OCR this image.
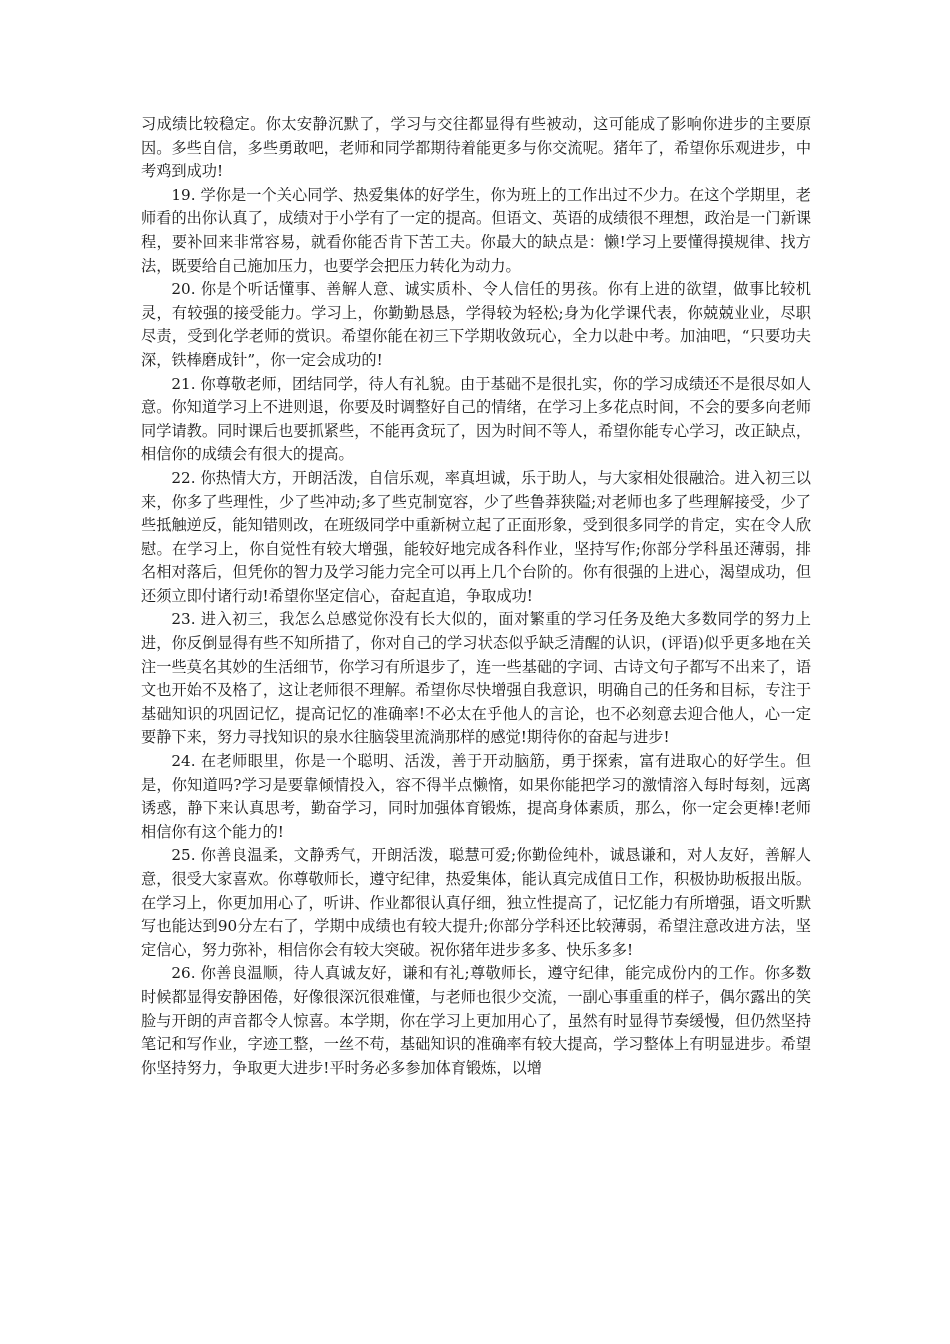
习成绩比较稳定。你太安静沉默了，学习与交往都显得有些被动，这可能成了影响你进步的主要原因。多些自信，多些勇敢吧，老师和同学都期待着能更多与你交流呢。猪年了，希望你乐观进步，中考鸡到成功!

19. 学你是一个关心同学、热爱集体的好学生，你为班上的工作出过不少力。在这个学期里，老师看的出你认真了，成绩对于小学有了一定的提高。但语文、英语的成绩很不理想，政治是一门新课程，要补回来非常容易，就看你能否肯下苦工夫。你最大的缺点是：懒!学习上要懂得摸规律、找方法，既要给自己施加压力，也要学会把压力转化为动力。

20. 你是个听话懂事、善解人意、诚实质朴、令人信任的男孩。你有上进的欲望，做事比较机灵，有较强的接受能力。学习上，你勤勤恳恳，学得较为轻松;身为化学课代表，你兢兢业业，尽职尽责，受到化学老师的赏识。希望你能在初三下学期收敛玩心，全力以赴中考。加油吧，“只要功夫深，铁棒磨成针”，你一定会成功的!

21. 你尊敬老师，团结同学，待人有礼貌。由于基础不是很扎实，你的学习成绩还不是很尽如人意。你知道学习上不进则退，你要及时调整好自己的情绪，在学习上多花点时间，不会的要多向老师同学请教。同时课后也要抓紧些，不能再贪玩了，因为时间不等人，希望你能专心学习，改正缺点，相信你的成绩会有很大的提高。

22. 你热情大方，开朗活泼，自信乐观，率真坦诚，乐于助人，与大家相处很融洽。进入初三以来，你多了些理性，少了些冲动;多了些克制宽容，少了些鲁莽狭隘;对老师也多了些理解接受，少了些抵触逆反，能知错则改，在班级同学中重新树立起了正面形象，受到很多同学的肯定，实在令人欣慰。在学习上，你自觉性有较大增强，能较好地完成各科作业，坚持写作;你部分学科虽还薄弱，排名相对落后，但凭你的智力及学习能力完全可以再上几个台阶的。你有很强的上进心，渴望成功，但还须立即付诸行动!希望你坚定信心，奋起直追，争取成功!

23. 进入初三，我怎么总感觉你没有长大似的，面对繁重的学习任务及绝大多数同学的努力上进，你反倒显得有些不知所措了，你对自己的学习状态似乎缺乏清醒的认识，(评语)似乎更多地在关注一些莫名其妙的生活细节，你学习有所退步了，连一些基础的字词、古诗文句子都写不出来了，语文也开始不及格了，这让老师很不理解。希望你尽快增强自我意识，明确自己的任务和目标，专注于基础知识的巩固记忆，提高记忆的准确率!不必太在乎他人的言论，也不必刻意去迎合他人，心一定要静下来，努力寻找知识的泉水往脑袋里流淌那样的感觉!期待你的奋起与进步!

24. 在老师眼里，你是一个聪明、活泼，善于开动脑筋，勇于探索，富有进取心的好学生。但是，你知道吗?学习是要靠倾情投入，容不得半点懒惰，如果你能把学习的激情溶入每时每刻，远离诱惑，静下来认真思考，勤奋学习，同时加强体育锻炼，提高身体素质，那么，你一定会更棒!老师相信你有这个能力的!

25. 你善良温柔，文静秀气，开朗活泼，聪慧可爱;你勤俭纯朴，诚恳谦和，对人友好，善解人意，很受大家喜欢。你尊敬师长，遵守纪律，热爱集体，能认真完成值日工作，积极协助板报出版。在学习上，你更加用心了，听讲、作业都很认真仔细，独立性提高了，记忆能力有所增强，语文听默写也能达到90分左右了，学期中成绩也有较大提升;你部分学科还比较薄弱，希望注意改进方法，坚定信心，努力弥补，相信你会有较大突破。祝你猪年进步多多、快乐多多!

26. 你善良温顺，待人真诚友好，谦和有礼;尊敬师长，遵守纪律，能完成份内的工作。你多数时候都显得安静困倦，好像很深沉很难懂，与老师也很少交流，一副心事重重的样子，偶尔露出的笑脸与开朗的声音都令人惊喜。本学期，你在学习上更加用心了，虽然有时显得节奏缓慢，但仍然坚持笔记和写作业，字迹工整，一丝不苟，基础知识的准确率有较大提高，学习整体上有明显进步。希望你坚持努力，争取更大进步!平时务必多参加体育锻炼，以增
